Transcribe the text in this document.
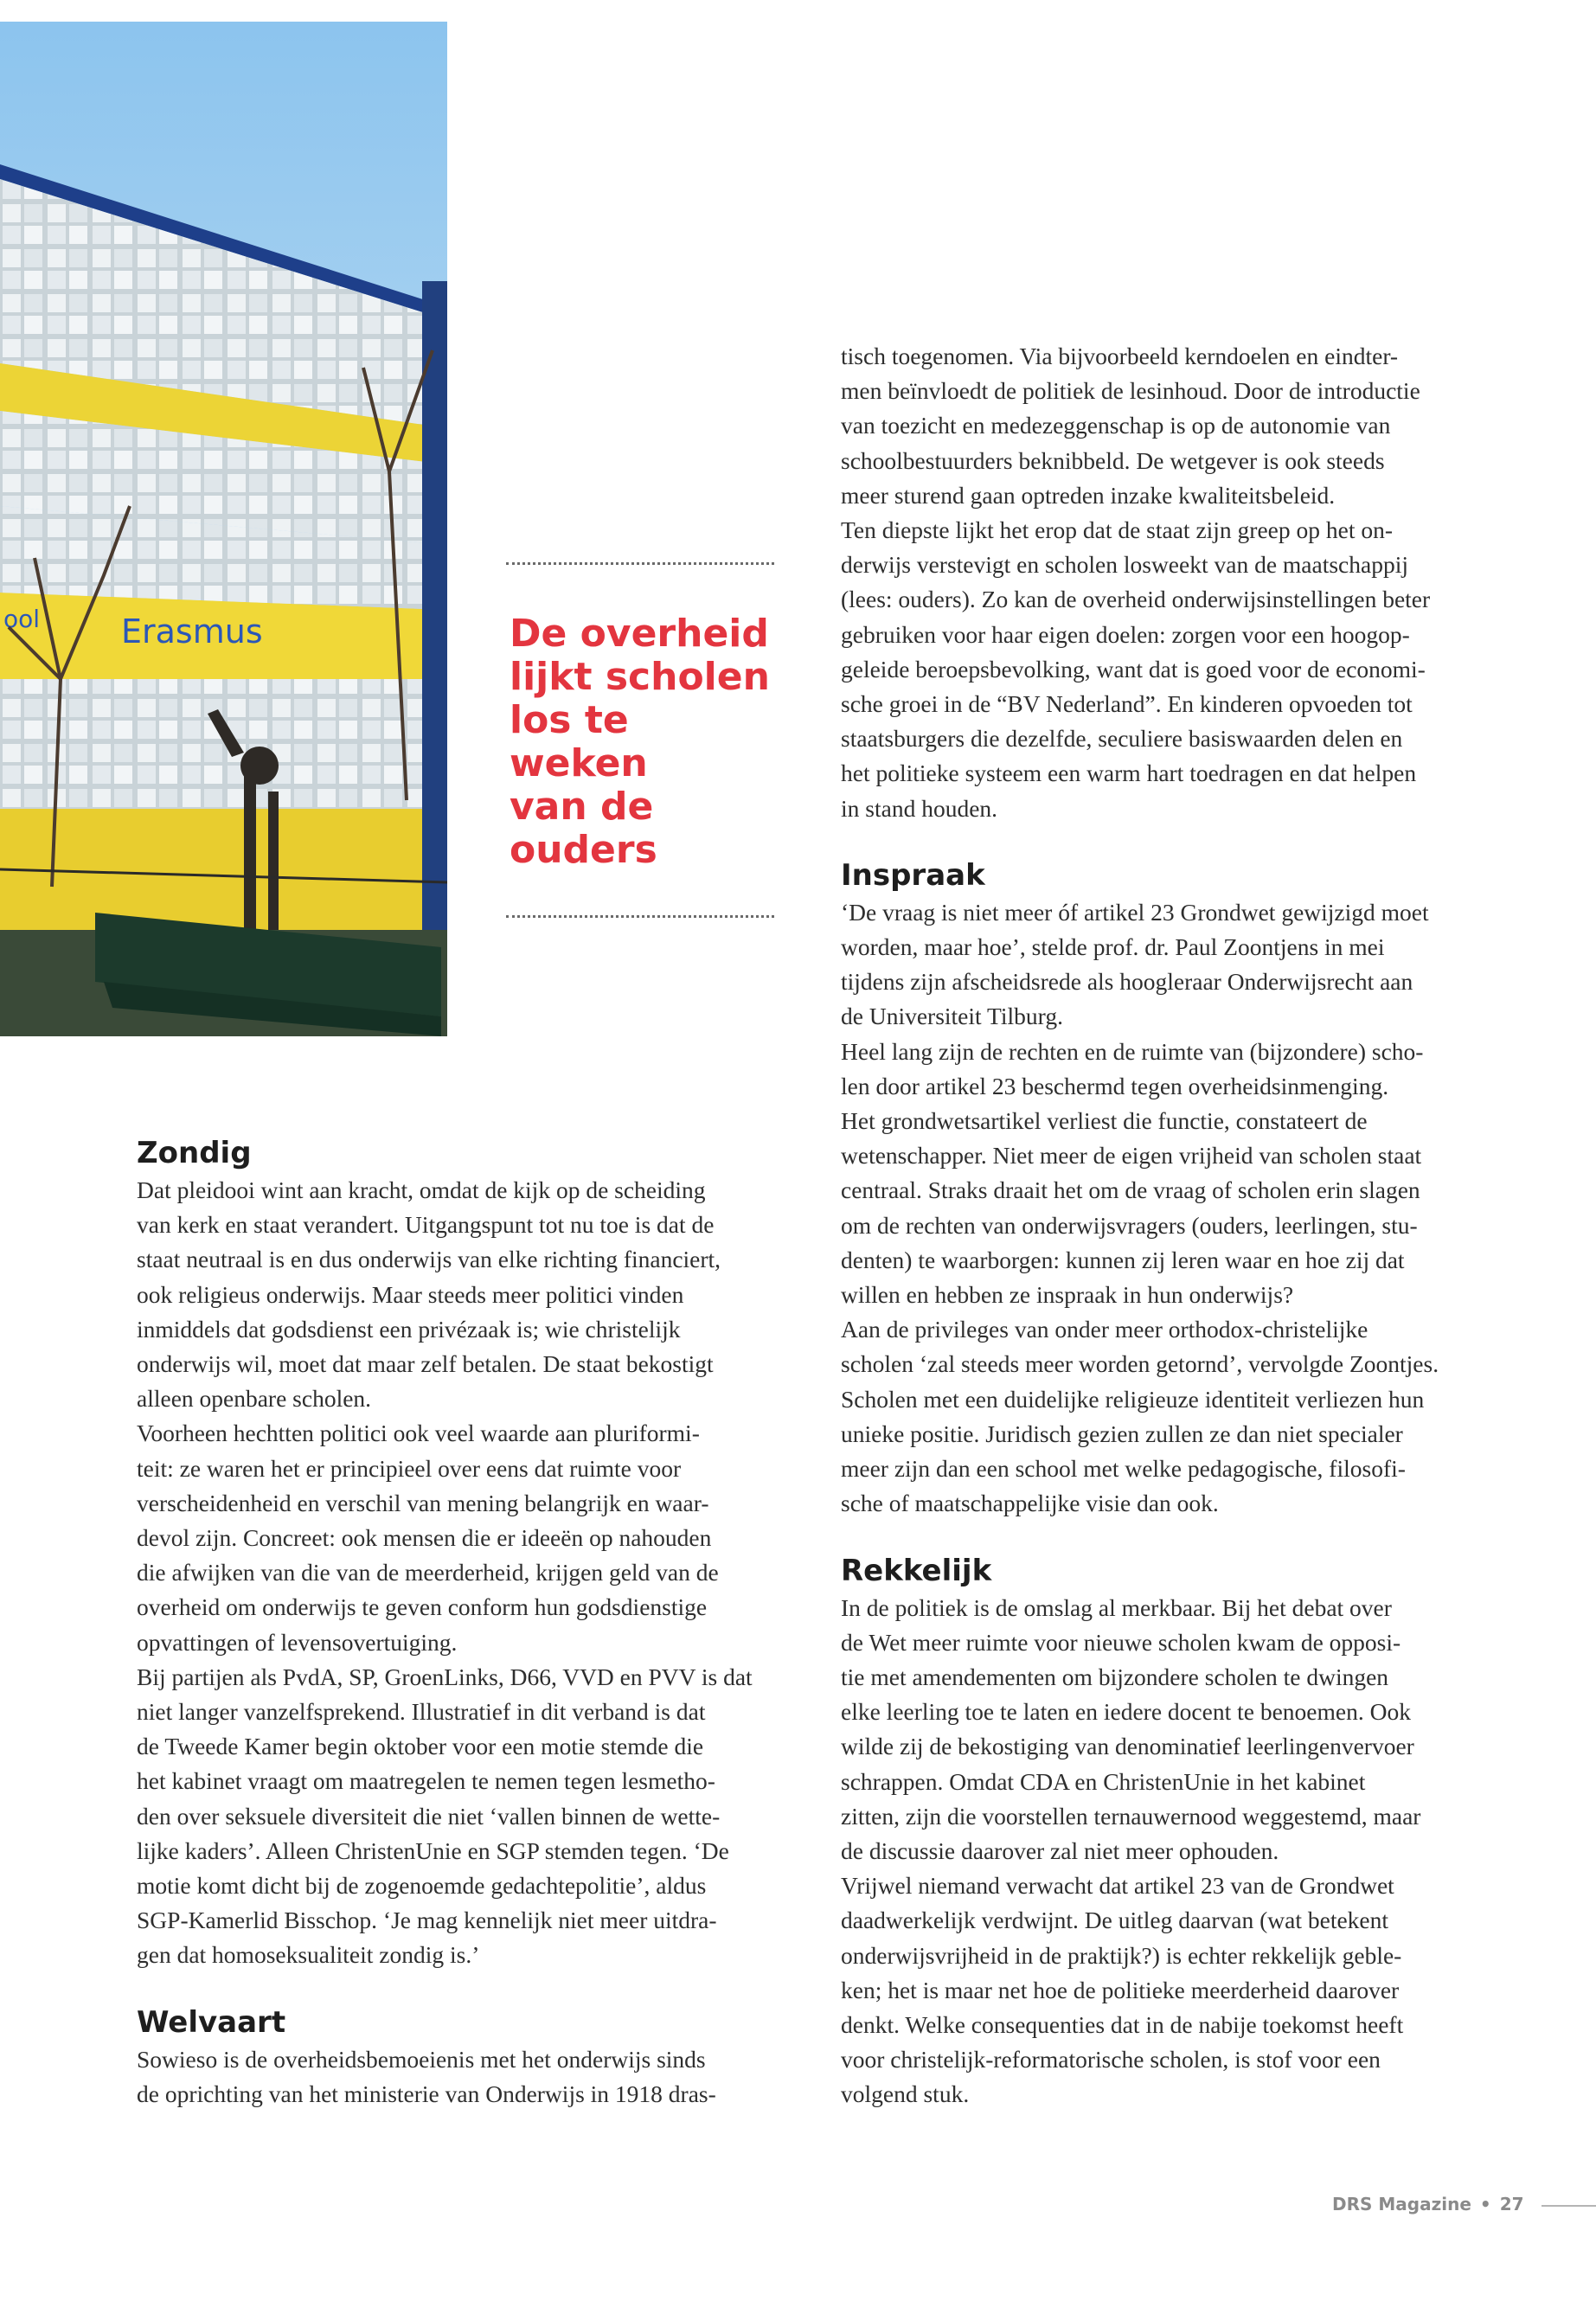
ool Erasmus	De overheid
lijkt scholen
los te weken
van de ouders
Zondig

Dat pleidooi wint aan kracht, omdat de kijk op de scheiding
van kerk en staat verandert. Uitgangspunt tot nu toe is dat de
staat neutraal is en dus onderwijs van elke richting financiert,
ook religieus onderwijs. Maar steeds meer politici vinden
inmiddels dat godsdienst een privézaak is; wie christelijk
onderwijs wil, moet dat maar zelf betalen. De staat bekostigt
alleen openbare scholen.

Voorheen hechtten politici ook veel waarde aan pluriformi-
teit: ze waren het er principieel over eens dat ruimte voor
verscheidenheid en verschil van mening belangrijk en waar-
devol zijn. Concreet: ook mensen die er ideeën op nahouden
die afwijken van die van de meerderheid, krijgen geld van de
overheid om onderwijs te geven conform hun godsdienstige
opvattingen of levensovertuiging.

Bij partijen als PvdA, SP, GroenLinks, D66, VVD en PVV is dat
niet langer vanzelfsprekend. Illustratief in dit verband is dat
de Tweede Kamer begin oktober voor een motie stemde die
het kabinet vraagt om maatregelen te nemen tegen lesmetho-
den over seksuele diversiteit die niet ‘vallen binnen de wette-
lijke kaders’. Alleen ChristenUnie en SGP stemden tegen. ‘De
motie komt dicht bij de zogenoemde gedachtepolitie’, aldus
SGP-Kamerlid Bisschop. ‘Je mag kennelijk niet meer uitdra-
gen dat homoseksualiteit zondig is.’

Welvaart

Sowieso is de overheidsbemoeienis met het onderwijs sinds
de oprichting van het ministerie van Onderwijs in 1918 dras-

tisch toegenomen. Via bijvoorbeeld kerndoelen en eindter-
men beïnvloedt de politiek de lesinhoud. Door de introductie
van toezicht en medezeggenschap is op de autonomie van
schoolbestuurders beknibbeld. De wetgever is ook steeds
meer sturend gaan optreden inzake kwaliteitsbeleid.

Ten diepste lijkt het erop dat de staat zijn greep op het on-
derwijs verstevigt en scholen losweekt van de maatschappij
(lees: ouders). Zo kan de overheid onderwijsinstellingen beter
gebruiken voor haar eigen doelen: zorgen voor een hoogop-
geleide beroepsbevolking, want dat is goed voor de economi-
sche groei in de “BV Nederland”. En kinderen opvoeden tot
staatsburgers die dezelfde, seculiere basiswaarden delen en
het politieke systeem een warm hart toedragen en dat helpen
in stand houden.

Inspraak

‘De vraag is niet meer óf artikel 23 Grondwet gewijzigd moet
worden, maar hoe’, stelde prof. dr. Paul Zoontjens in mei
tijdens zijn afscheidsrede als hoogleraar Onderwijsrecht aan
de Universiteit Tilburg.

Heel lang zijn de rechten en de ruimte van (bijzondere) scho-
len door artikel 23 beschermd tegen overheidsinmenging.
Het grondwetsartikel verliest die functie, constateert de
wetenschapper. Niet meer de eigen vrijheid van scholen staat
centraal. Straks draait het om de vraag of scholen erin slagen
om de rechten van onderwijsvragers (ouders, leerlingen, stu-
denten) te waarborgen: kunnen zij leren waar en hoe zij dat
willen en hebben ze inspraak in hun onderwijs?

Aan de privileges van onder meer orthodox-christelijke
scholen ‘zal steeds meer worden getornd’, vervolgde Zoontjes.
Scholen met een duidelijke religieuze identiteit verliezen hun
unieke positie. Juridisch gezien zullen ze dan niet specialer
meer zijn dan een school met welke pedagogische, filosofi-
sche of maatschappelijke visie dan ook.

Rekkelijk

In de politiek is de omslag al merkbaar. Bij het debat over
de Wet meer ruimte voor nieuwe scholen kwam de opposi-
tie met amendementen om bijzondere scholen te dwingen
elke leerling toe te laten en iedere docent te benoemen. Ook
wilde zij de bekostiging van denominatief leerlingenvervoer
schrappen. Omdat CDA en ChristenUnie in het kabinet
zitten, zijn die voorstellen ternauwernood weggestemd, maar
de discussie daarover zal niet meer ophouden.

Vrijwel niemand verwacht dat artikel 23 van de Grondwet
daadwerkelijk verdwijnt. De uitleg daarvan (wat betekent
onderwijsvrijheid in de praktijk?) is echter rekkelijk geble-
ken; het is maar net hoe de politieke meerderheid daarover
denkt. Welke consequenties dat in de nabije toekomst heeft
voor christelijk-reformatorische scholen, is stof voor een
volgend stuk.

DRS Magazine • 27
